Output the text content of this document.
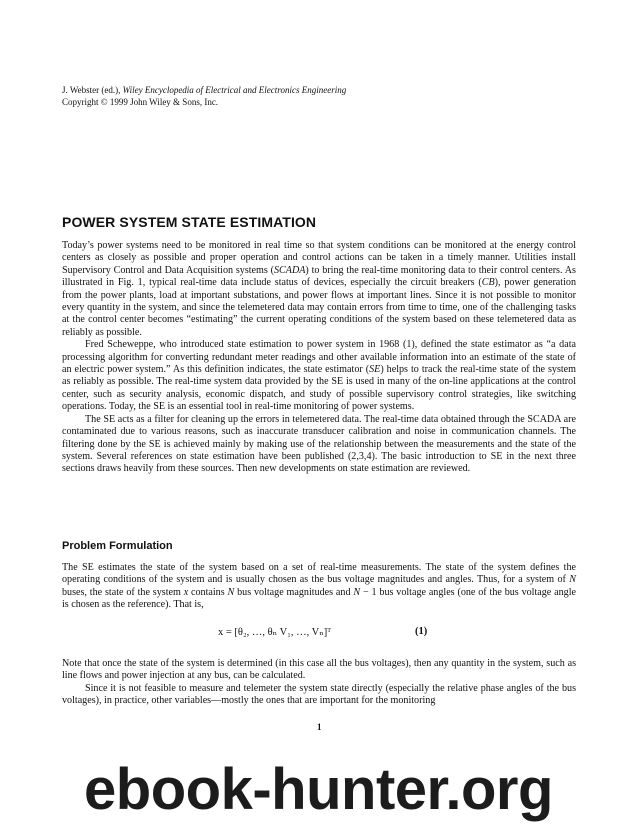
J. Webster (ed.), Wiley Encyclopedia of Electrical and Electronics Engineering
Copyright © 1999 John Wiley & Sons, Inc.
POWER SYSTEM STATE ESTIMATION

Today’s power systems need to be monitored in real time so that system conditions can be monitored at the energy control centers as closely as possible and proper operation and control actions can be taken in a timely manner. Utilities install Supervisory Control and Data Acquisition systems (SCADA) to bring the real-time monitoring data to their control centers. As illustrated in Fig. 1, typical real-time data include status of devices, especially the circuit breakers (CB), power generation from the power plants, load at important substations, and power flows at important lines. Since it is not possible to monitor every quantity in the system, and since the telemetered data may contain errors from time to time, one of the challenging tasks at the control center becomes “estimating” the current operating conditions of the system based on these telemetered data as reliably as possible.

Fred Scheweppe, who introduced state estimation to power system in 1968 (1), defined the state estimator as “a data processing algorithm for converting redundant meter readings and other available information into an estimate of the state of an electric power system.” As this definition indicates, the state estimator (SE) helps to track the real-time state of the system as reliably as possible. The real-time system data provided by the SE is used in many of the on-line applications at the control center, such as security analysis, economic dispatch, and study of possible supervisory control strategies, like switching operations. Today, the SE is an essential tool in real-time monitoring of power systems.

The SE acts as a filter for cleaning up the errors in telemetered data. The real-time data obtained through the SCADA are contaminated due to various reasons, such as inaccurate transducer calibration and noise in communication channels. The filtering done by the SE is achieved mainly by making use of the relationship between the measurements and the state of the system. Several references on state estimation have been published (2,3,4). The basic introduction to SE in the next three sections draws heavily from these sources. Then new developments on state estimation are reviewed.

Problem Formulation

The SE estimates the state of the system based on a set of real-time measurements. The state of the system defines the operating conditions of the system and is usually chosen as the bus voltage magnitudes and angles. Thus, for a system of N buses, the state of the system x contains N bus voltage magnitudes and N − 1 bus voltage angles (one of the bus voltage angle is chosen as the reference). That is,

x = [θ₂, …, θₙ V₁, …, Vₙ]ᵀ	(1)

Note that once the state of the system is determined (in this case all the bus voltages), then any quantity in the system, such as line flows and power injection at any bus, can be calculated.

Since it is not feasible to measure and telemeter the system state directly (especially the relative phase angles of the bus voltages), in practice, other variables—mostly the ones that are important for the monitoring

1
ebook-hunter.org
